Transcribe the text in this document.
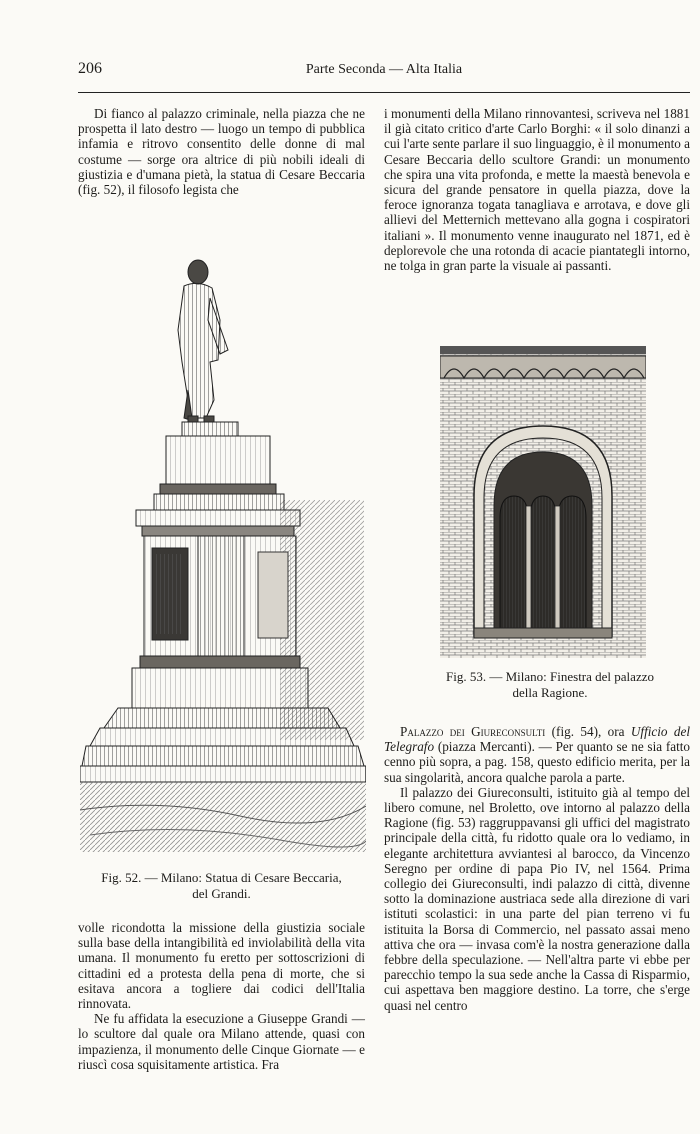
206	Parte Seconda — Alta Italia

Di fianco al palazzo criminale, nella piazza che ne prospetta il lato destro — luogo un tempo di pubblica infamia e ritrovo consentito delle donne di mal costume — sorge ora altrice di più nobili ideali di giustizia e d'umana pietà, la statua di Cesare Beccaria (fig. 52), il filosofo legista che

Fig. 52. — Milano: Statua di Cesare Beccaria,

del Grandi.

volle ricondotta la missione della giustizia sociale sulla base della intangibilità ed inviolabilità della vita umana. Il monumento fu eretto per sottoscrizioni di cittadini ed a protesta della pena di morte, che si esitava ancora a togliere dai codici dell'Italia rinnovata.

Ne fu affidata la esecuzione a Giuseppe Grandi — lo scultore dal quale ora Milano attende, quasi con impazienza, il monumento delle Cinque Giornate — e riuscì cosa squisitamente artistica. Fra

i monumenti della Milano rinnovantesi, scriveva nel 1881 il già citato critico d'arte Carlo Borghi: « il solo dinanzi a cui l'arte sente parlare il suo linguaggio, è il monumento a Cesare Beccaria dello scultore Grandi: un monumento che spira una vita profonda, e mette la maestà benevola e sicura del grande pensatore in quella piazza, dove la feroce ignoranza togata tanagliava e arrotava, e dove gli allievi del Metternich mettevano alla gogna i cospiratori italiani ». Il monumento venne inaugurato nel 1871, ed è deplorevole che una rotonda di acacie piantategli intorno, ne tolga in gran parte la visuale ai passanti.

Fig. 53. — Milano: Finestra del palazzo

della Ragione.

Palazzo dei Giureconsulti (fig. 54), ora Ufficio del Telegrafo (piazza Mercanti). — Per quanto se ne sia fatto cenno più sopra, a pag. 158, questo edificio merita, per la sua singolarità, ancora qualche parola a parte.

Il palazzo dei Giureconsulti, istituito già al tempo del libero comune, nel Broletto, ove intorno al palazzo della Ragione (fig. 53) raggruppavansi gli uffici del magistrato principale della città, fu ridotto quale ora lo vediamo, in elegante architettura avviantesi al barocco, da Vincenzo Seregno per ordine di papa Pio IV, nel 1564. Prima collegio dei Giureconsulti, indi palazzo di città, divenne sotto la dominazione austriaca sede alla direzione di vari istituti scolastici: in una parte del pian terreno vi fu istituita la Borsa di Commercio, nel passato assai meno attiva che ora — invasa com'è la nostra generazione dalla febbre della speculazione. — Nell'altra parte vi ebbe per parecchio tempo la sua sede anche la Cassa di Risparmio, cui aspettava ben maggiore destino. La torre, che s'erge quasi nel centro
